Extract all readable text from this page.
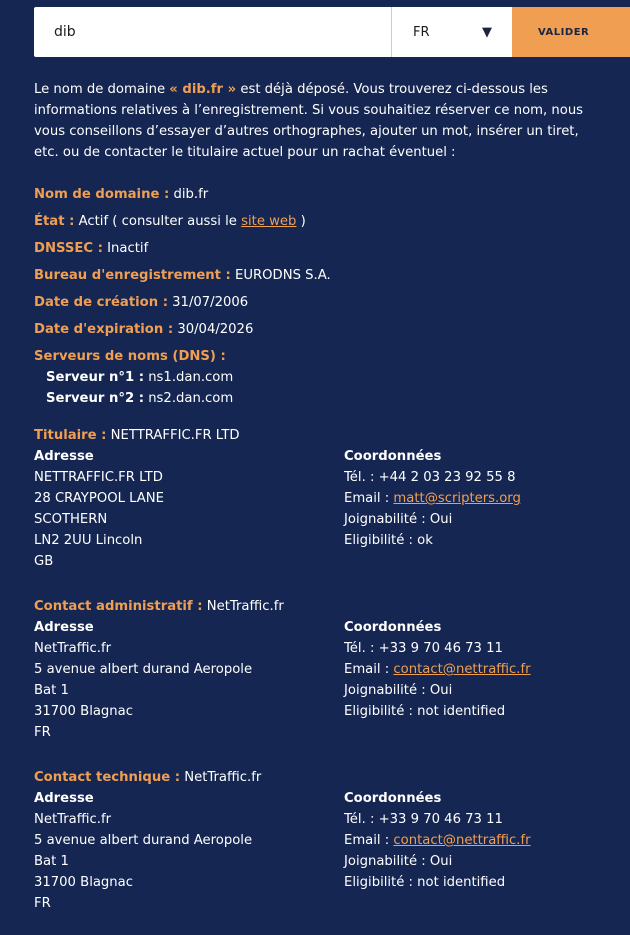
dib
FR	▼	VALIDER
Le nom de domaine « dib.fr » est déjà déposé. Vous trouverez ci-dessous les informations relatives à l’enregistrement. Si vous souhaitiez réserver ce nom, nous vous conseillons d’essayer d’autres orthographes, ajouter un mot, insérer un tiret, etc. ou de contacter le titulaire actuel pour un rachat éventuel :
Nom de domaine : dib.fr
État : Actif ( consulter aussi le site web )
DNSSEC : Inactif
Bureau d'enregistrement : EURODNS S.A.
Date de création : 31/07/2006
Date d'expiration : 30/04/2026
Serveurs de noms (DNS) :
Serveur n°1 : ns1.dan.com
Serveur n°2 : ns2.dan.com
Titulaire : NETTRAFFIC.FR LTD
Adresse
NETTRAFFIC.FR LTD
28 CRAYPOOL LANE
SCOTHERN
LN2 2UU Lincoln
GB
Coordonnées
Tél. : +44 2 03 23 92 55 8
Email : matt@scripters.org
Joignabilité : Oui
Eligibilité : ok
Contact administratif : NetTraffic.fr
Adresse
NetTraffic.fr
5 avenue albert durand Aeropole
Bat 1
31700 Blagnac
FR
Coordonnées
Tél. : +33 9 70 46 73 11
Email : contact@nettraffic.fr
Joignabilité : Oui
Eligibilité : not identified
Contact technique : NetTraffic.fr
Adresse
NetTraffic.fr
5 avenue albert durand Aeropole
Bat 1
31700 Blagnac
FR
Coordonnées
Tél. : +33 9 70 46 73 11
Email : contact@nettraffic.fr
Joignabilité : Oui
Eligibilité : not identified
